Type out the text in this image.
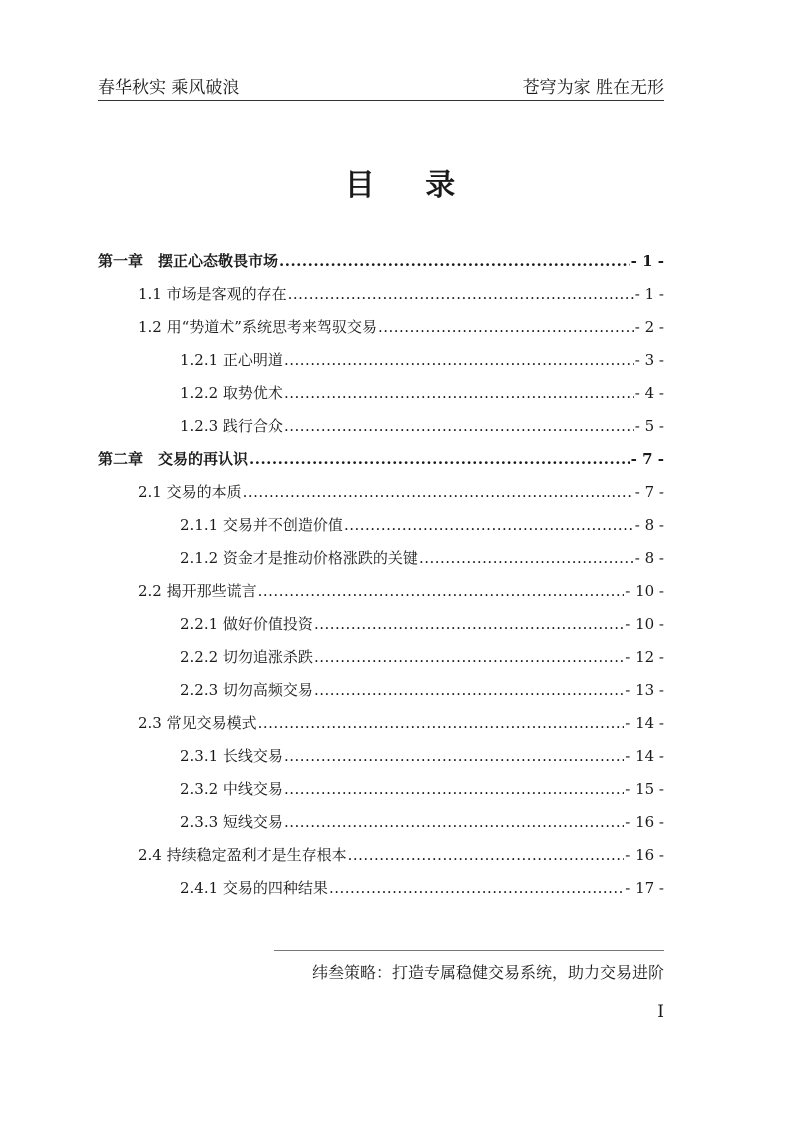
春华秋实 乘风破浪	苍穹为家 胜在无形
目 录
第一章　摆正心态敬畏市场 .....	- 1 -
1.1 市场是客观的存在 .....	- 1 -
1.2 用“势道术”系统思考来驾驭交易 .....	- 2 -
1.2.1 正心明道 .....	- 3 -
1.2.2 取势优术 .....	- 4 -
1.2.3 践行合众 .....	- 5 -
第二章　交易的再认识 .....	- 7 -
2.1 交易的本质 .....	- 7 -
2.1.1 交易并不创造价值 .....	- 8 -
2.1.2 资金才是推动价格涨跌的关键 .....	- 8 -
2.2 揭开那些谎言 .....	- 10 -
2.2.1 做好价值投资 .....	- 10 -
2.2.2 切勿追涨杀跌 .....	- 12 -
2.2.3 切勿高频交易 .....	- 13 -
2.3 常见交易模式 .....	- 14 -
2.3.1 长线交易 .....	- 14 -
2.3.2 中线交易 .....	- 15 -
2.3.3 短线交易 .....	- 16 -
2.4 持续稳定盈利才是生存根本 .....	- 16 -
2.4.1 交易的四种结果 .....	- 17 -
纬叁策略：打造专属稳健交易系统，助力交易进阶
I
